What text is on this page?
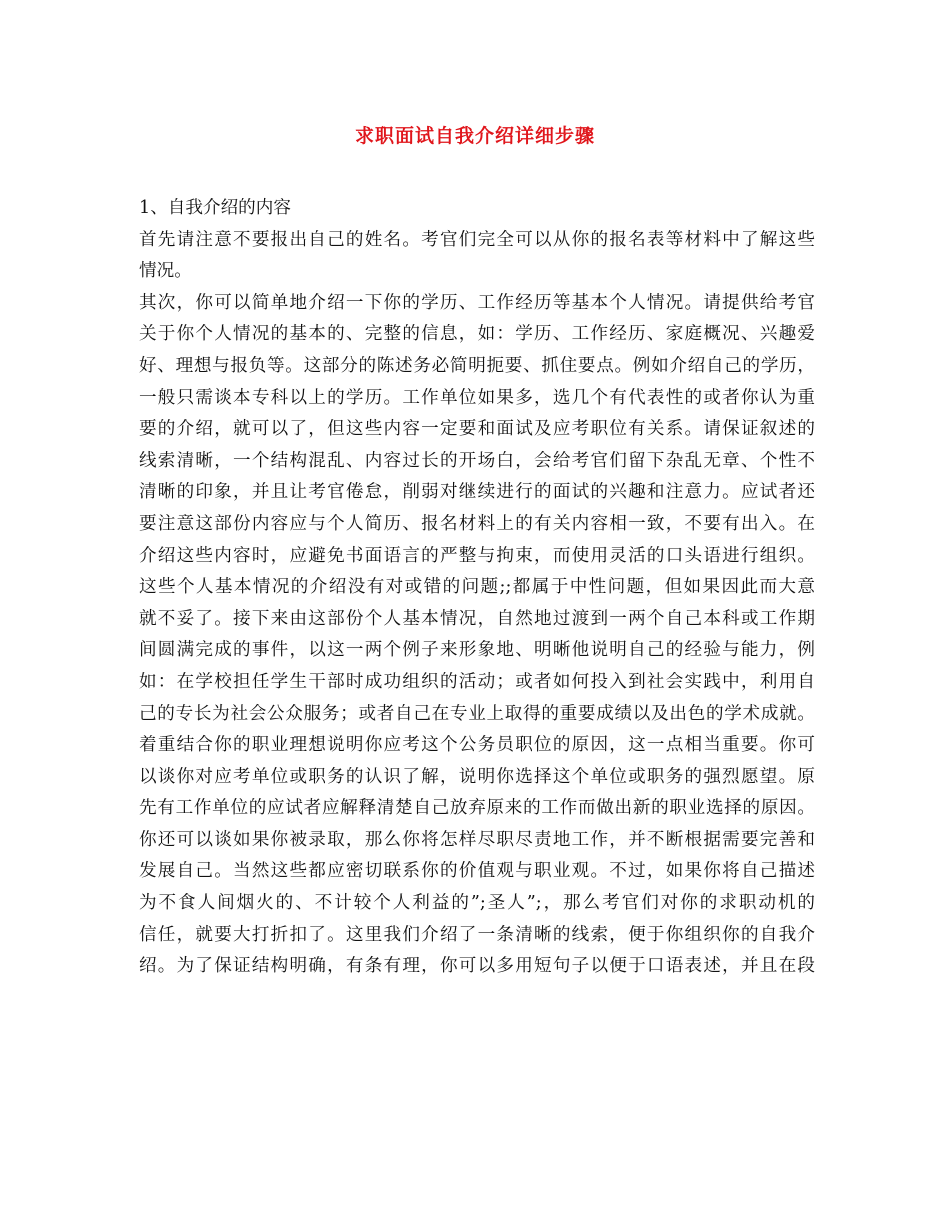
求职面试自我介绍详细步骤
1、自我介绍的内容
首先请注意不要报出自己的姓名。考官们完全可以从你的报名表等材料中了解这些
情况。
其次，你可以简单地介绍一下你的学历、工作经历等基本个人情况。请提供给考官
关于你个人情况的基本的、完整的信息，如：学历、工作经历、家庭概况、兴趣爱
好、理想与报负等。这部分的陈述务必简明扼要、抓住要点。例如介绍自己的学历，
一般只需谈本专科以上的学历。工作单位如果多，选几个有代表性的或者你认为重
要的介绍，就可以了，但这些内容一定要和面试及应考职位有关系。请保证叙述的
线索清晰，一个结构混乱、内容过长的开场白，会给考官们留下杂乱无章、个性不
清晰的印象，并且让考官倦怠，削弱对继续进行的面试的兴趣和注意力。应试者还
要注意这部份内容应与个人简历、报名材料上的有关内容相一致，不要有出入。在
介绍这些内容时，应避免书面语言的严整与拘束，而使用灵活的口头语进行组织。
这些个人基本情况的介绍没有对或错的问题;;都属于中性问题，但如果因此而大意
就不妥了。接下来由这部份个人基本情况，自然地过渡到一两个自己本科或工作期
间圆满完成的事件，以这一两个例子来形象地、明晰他说明自己的经验与能力，例
如：在学校担任学生干部时成功组织的活动；或者如何投入到社会实践中，利用自
己的专长为社会公众服务；或者自己在专业上取得的重要成绩以及出色的学术成就。
着重结合你的职业理想说明你应考这个公务员职位的原因，这一点相当重要。你可
以谈你对应考单位或职务的认识了解，说明你选择这个单位或职务的强烈愿望。原
先有工作单位的应试者应解释清楚自己放弃原来的工作而做出新的职业选择的原因。
你还可以谈如果你被录取，那么你将怎样尽职尽责地工作，并不断根据需要完善和
发展自己。当然这些都应密切联系你的价值观与职业观。不过，如果你将自己描述
为不食人间烟火的、不计较个人利益的”;圣人”;，那么考官们对你的求职动机的
信任，就要大打折扣了。这里我们介绍了一条清晰的线索，便于你组织你的自我介
绍。为了保证结构明确，有条有理，你可以多用短句子以便于口语表述，并且在段
